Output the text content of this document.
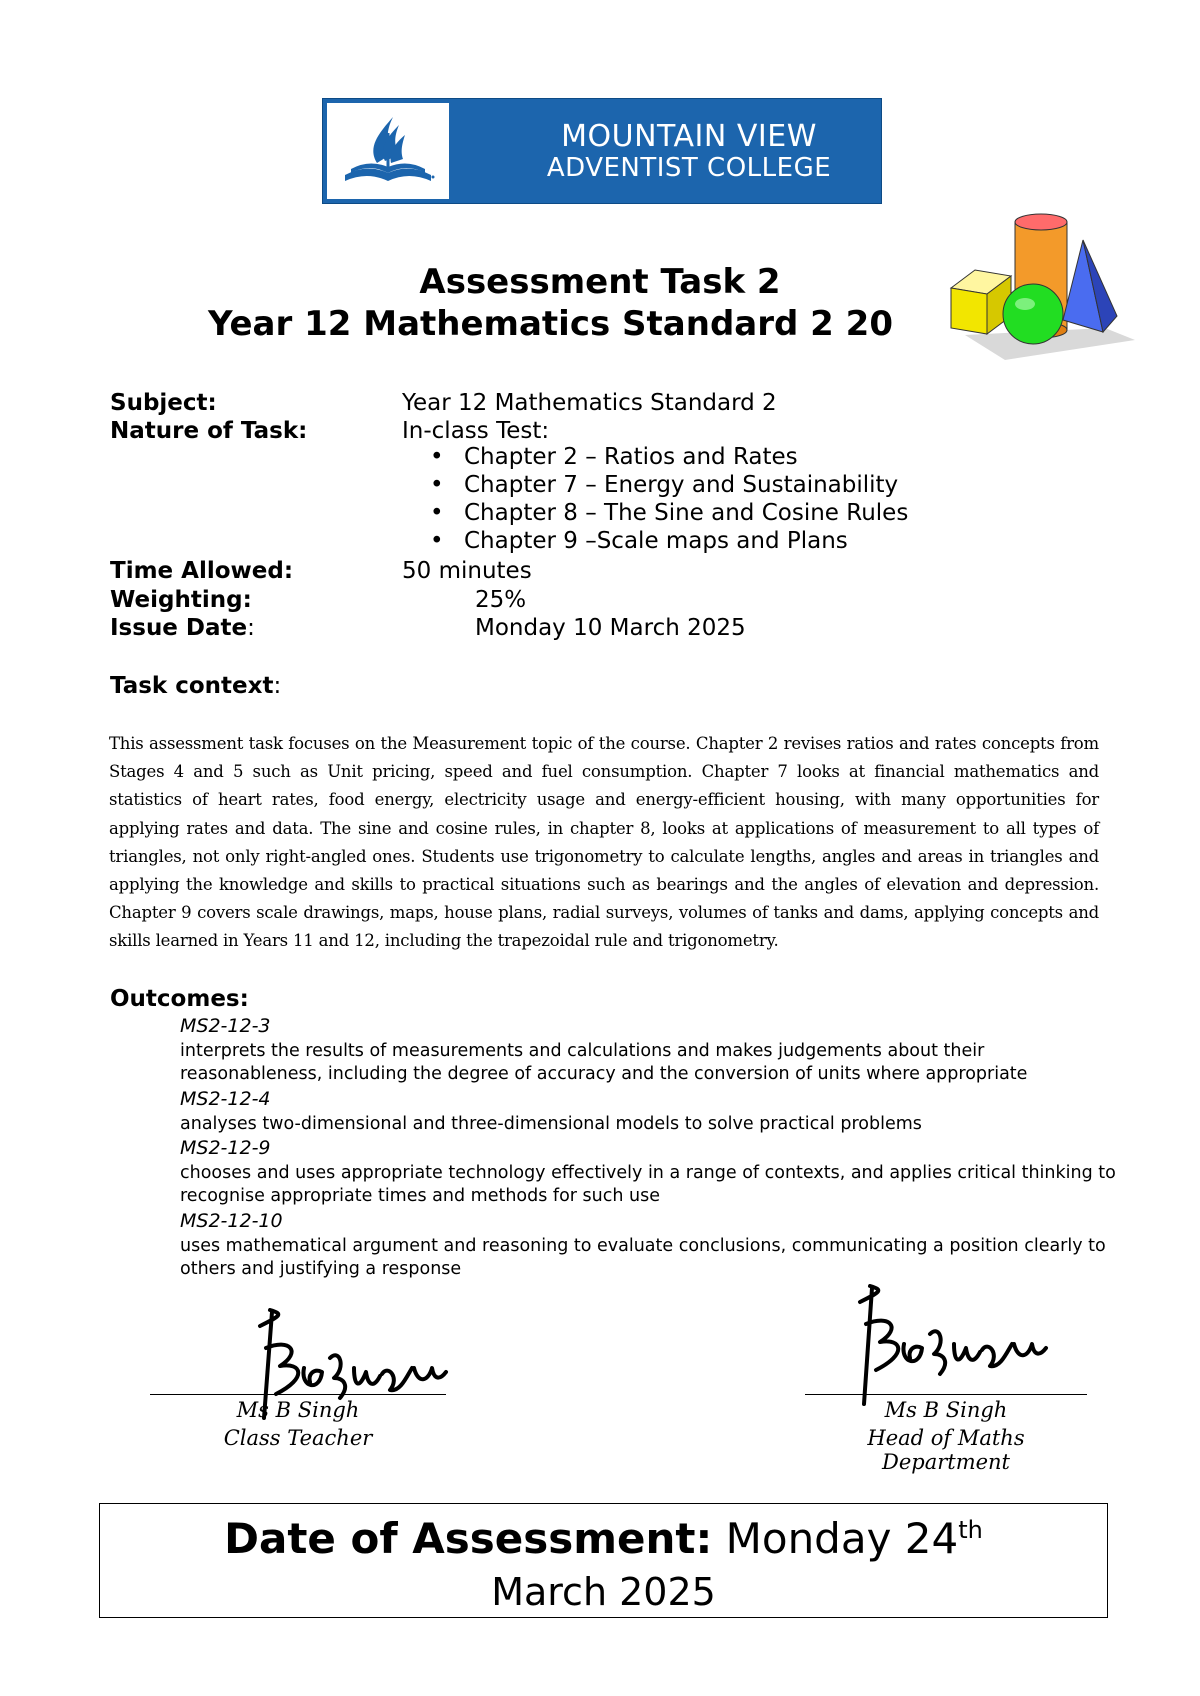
MOUNTAIN VIEW
ADVENTIST COLLEGE
Assessment Task 2
Year 12 Mathematics Standard 2 20
Subject:	Year 12 Mathematics Standard 2
Nature of Task:	In-class Test:
• Chapter 2 – Ratios and Rates
• Chapter 7 – Energy and Sustainability
• Chapter 8 – The Sine and Cosine Rules
• Chapter 9 –Scale maps and Plans
Time Allowed:	50 minutes
Weighting:	25%
Issue Date:	Monday 10 March 2025
Task context:
This assessment task focuses on the Measurement topic of the course. Chapter 2 revises ratios and rates concepts from Stages 4 and 5 such as Unit pricing, speed and fuel consumption. Chapter 7 looks at financial mathematics and statistics of heart rates, food energy, electricity usage and energy-efficient housing, with many opportunities for applying rates and data. The sine and cosine rules, in chapter 8, looks at applications of measurement to all types of triangles, not only right-angled ones. Students use trigonometry to calculate lengths, angles and areas in triangles and applying the knowledge and skills to practical situations such as bearings and the angles of elevation and depression. Chapter 9 covers scale drawings, maps, house plans, radial surveys, volumes of tanks and dams, applying concepts and skills learned in Years 11 and 12, including the trapezoidal rule and trigonometry.
Outcomes:
MS2-12-3
interprets the results of measurements and calculations and makes judgements about their reasonableness, including the degree of accuracy and the conversion of units where appropriate
MS2-12-4
analyses two-dimensional and three-dimensional models to solve practical problems
MS2-12-9
chooses and uses appropriate technology effectively in a range of contexts, and applies critical thinking to recognise appropriate times and methods for such use
MS2-12-10
uses mathematical argument and reasoning to evaluate conclusions, communicating a position clearly to others and justifying a response
Ms B Singh
Class Teacher
Ms B Singh
Head of Maths Department
Date of Assessment: Monday 24th
March 2025
